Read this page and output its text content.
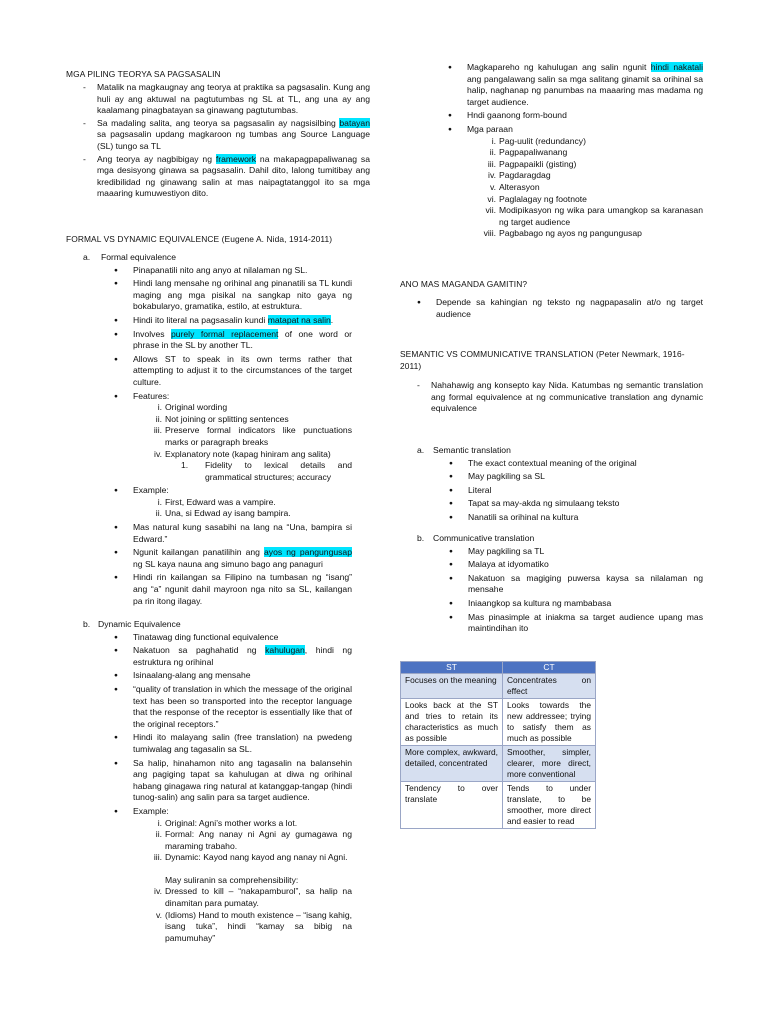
MGA PILING TEORYA SA PAGSASALIN

- Matalik na magkaugnay ang teorya at praktika sa pagsasalin. Kung ang huli ay ang aktuwal na pagtutumbas ng SL at TL, ang una ay ang kaalamang pinagbatayan sa ginawang pagtutumbas.
- Sa madaling salita, ang teorya sa pagsasalin ay nagsisilbing batayan sa pagsasalin updang magkaroon ng tumbas ang Source Language (SL) tungo sa TL
- Ang teorya ay nagbibigay ng framework na makapagpapaliwanag sa mga desisyong ginawa sa pagsasalin. Dahil dito, lalong tumitibay ang kredibilidad ng ginawang salin at mas naipagtatanggol ito sa mga maaaring kumuwestiyon dito.

FORMAL VS DYNAMIC EQUIVALENCE (Eugene A. Nida, 1914-2011)

a. Formal equivalence
● Pinapanatili nito ang anyo at nilalaman ng SL.
● Hindi lang mensahe ng orihinal ang pinanatili sa TL kundi maging ang mga pisikal na sangkap nito gaya ng bokabularyo, gramatika, estilo, at estruktura.
● Hindi ito literal na pagsasalin kundi matapat na salin.
● Involves purely formal replacement of one word or phrase in the SL by another TL.
● Allows ST to speak in its own terms rather that attempting to adjust it to the circumstances of the target culture.
● Features:
i. Original wording
ii. Not joining or splitting sentences
iii. Preserve formal indicators like punctuations marks or paragraph breaks
iv. Explanatory note (kapag hiniram ang salita)
1. Fidelity to lexical details and grammatical structures; accuracy
● Example:
i. First, Edward was a vampire.
ii. Una, si Edwad ay isang bampira.
● Mas natural kung sasabihi na lang na “Una, bampira si Edward.”
● Ngunit kailangan panatilihin ang ayos ng pangungusap ng SL kaya nauna ang simuno bago ang panaguri
● Hindi rin kailangan sa Filipino na tumbasan ng “isang” ang “a” ngunit dahil mayroon nga nito sa SL, kailangan pa rin itong ilagay.
b. Dynamic Equivalence
● Tinatawag ding functional equivalence
● Nakatuon sa paghahatid ng kahulugan, hindi ng estruktura ng orihinal
● Isinaalang-alang ang mensahe
● “quality of translation in which the message of the original text has been so transported into the receptor language that the response of the receptor is essentially like that of the original receptors.”
● Hindi ito malayang salin (free translation) na pwedeng tumiwalag ang tagasalin sa SL.
● Sa halip, hinahamon nito ang tagasalin na balansehin ang pagiging tapat sa kahulugan at diwa ng orihinal habang ginagawa ring natural at katanggap-tangap (hindi tunog-salin) ang salin para sa target audience.
● Example:
i. Original: Agni’s mother works a lot.
ii. Formal: Ang nanay ni Agni ay gumagawa ng maraming trabaho.
iii. Dynamic: Kayod nang kayod ang nanay ni Agni.

May suliranin sa comprehensibility:

iv. Dressed to kill – “nakapamburol”, sa halip na dinamitan para pumatay.
v. (Idioms) Hand to mouth existence – “isang kahig, isang tuka”, hindi “kamay sa bibig na pamumuhay”
● Magkapareho ng kahulugan ang salin ngunit hindi nakatali ang pangalawang salin sa mga salitang ginamit sa orihinal sa halip, naghanap ng panumbas na maaaring mas madama ng target audience.
● Hndi gaanong form-bound
● Mga paraan
i. Pag-uulit (redundancy)
ii. Pagpapaliwanang
iii. Pagpapaikli (gisting)
iv. Pagdaragdag
v. Alterasyon
vi. Paglalagay ng footnote
vii. Modipikasyon ng wika para umangkop sa karanasan ng target audience
viii. Pagbabago ng ayos ng pangungusap

ANO MAS MAGANDA GAMITIN?

● Depende sa kahingian ng teksto ng nagpapasalin at/o ng target audience

SEMANTIC VS COMMUNICATIVE TRANSLATION (Peter Newmark, 1916-2011)

- Nahahawig ang konsepto kay Nida. Katumbas ng semantic translation ang formal equivalence at ng communicative translation ang dynamic equivalence
a. Semantic translation
● The exact contextual meaning of the original
● May pagkiling sa SL
● Literal
● Tapat sa may-akda ng simulaang teksto
● Nanatili sa orihinal na kultura
b. Communicative translation
● May pagkiling sa TL
● Malaya at idyomatiko
● Nakatuon sa magiging puwersa kaysa sa nilalaman ng mensahe
● Iniaangkop sa kultura ng mambabasa
● Mas pinasimple at iniakma sa target audience upang mas maintindihan ito
ST	CT
Focuses on the meaning	Concentrates on effect
Looks back at the ST and tries to retain its characteristics as much as possible	Looks towards the new addressee; trying to satisfy them as much as possible
More complex, awkward, detailed, concentrated	Smoother, simpler, clearer, more direct, more conventional
Tendency to over translate	Tends to under translate, to be smoother, more direct and easier to read
